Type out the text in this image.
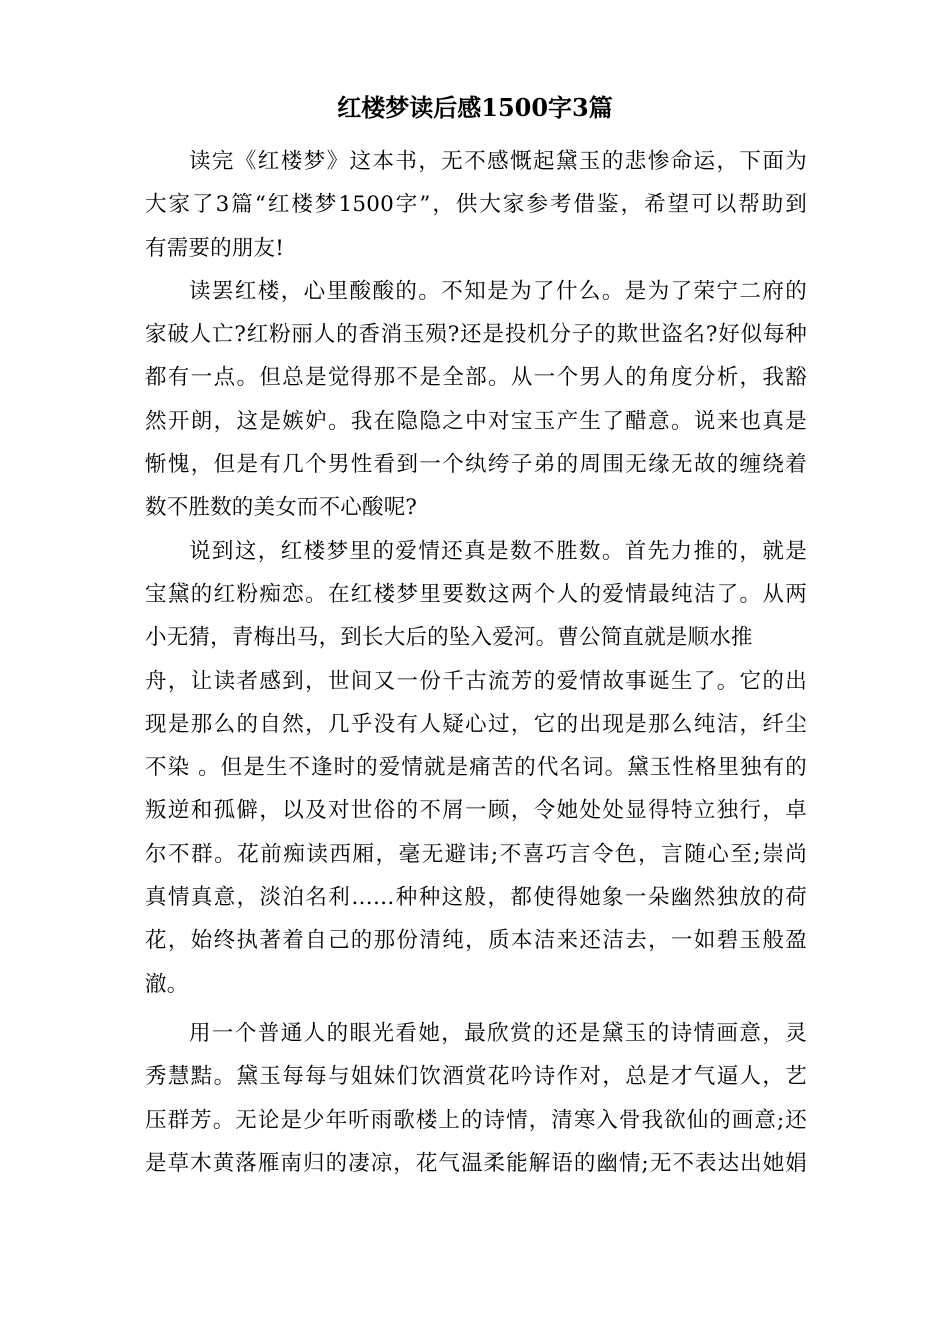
红楼梦读后感1500字3篇
读完《红楼梦》这本书，无不感慨起黛玉的悲惨命运，下面为
大家了3篇“红楼梦1500字”，供大家参考借鉴，希望可以帮助到
有需要的朋友!
读罢红楼，心里酸酸的。不知是为了什么。是为了荣宁二府的
家破人亡?红粉丽人的香消玉殒?还是投机分子的欺世盗名?好似每种
都有一点。但总是觉得那不是全部。从一个男人的角度分析，我豁
然开朗，这是嫉妒。我在隐隐之中对宝玉产生了醋意。说来也真是
惭愧，但是有几个男性看到一个纨绔子弟的周围无缘无故的缠绕着
数不胜数的美女而不心酸呢?
说到这，红楼梦里的爱情还真是数不胜数。首先力推的，就是
宝黛的红粉痴恋。在红楼梦里要数这两个人的爱情最纯洁了。从两
小无猜，青梅出马，到长大后的坠入爱河。曹公简直就是顺水推
舟，让读者感到，世间又一份千古流芳的爱情故事诞生了。它的出
现是那么的自然，几乎没有人疑心过，它的出现是那么纯洁，纤尘
不染 。但是生不逢时的爱情就是痛苦的代名词。黛玉性格里独有的
叛逆和孤僻，以及对世俗的不屑一顾，令她处处显得特立独行，卓
尔不群。花前痴读西厢，毫无避讳;不喜巧言令色，言随心至;崇尚
真情真意，淡泊名利……种种这般，都使得她象一朵幽然独放的荷
花，始终执著着自己的那份清纯，质本洁来还洁去，一如碧玉般盈
澈。
用一个普通人的眼光看她，最欣赏的还是黛玉的诗情画意，灵
秀慧黠。黛玉每每与姐妹们饮酒赏花吟诗作对，总是才气逼人，艺
压群芳。无论是少年听雨歌楼上的诗情，清寒入骨我欲仙的画意;还
是草木黄落雁南归的凄凉，花气温柔能解语的幽情;无不表达出她娟
